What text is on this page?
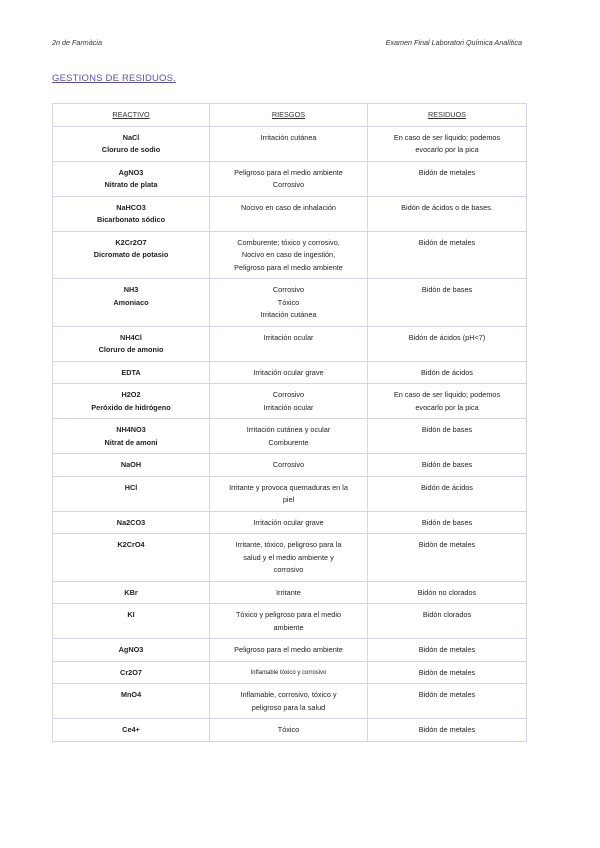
2n de Farmàcia	Examen Final Laboratori Química Analítica
GESTIONS DE RESIDUOS.
REACTIVO	RIESGOS	RESIDUOS

NaCl
Cloruro de sodio	Irritación cutánea	En caso de ser líquido; podemos
evocarlo por la pica

AgNO3
Nitrato de plata	Peligroso para el medio ambiente
Corrosivo	Bidón de metales

NaHCO3
Bicarbonato sódico	Nocivo en caso de inhalación	Bidón de ácidos o de bases.

K2Cr2O7
Dicromato de potasio	Comburente; tóxico y corrosivo,
Nocivo en caso de ingestión,
Peligroso para el medio ambiente	Bidón de metales

NH3
Amoniaco	Corrosivo
Tóxico
Irritación cutánea	Bidón de bases

NH4Cl
Cloruro de amonio	Irritación ocular	Bidón de ácidos (pH<7)

EDTA	Irritación ocular grave	Bidón de ácidos

H2O2
Peróxido de hidrógeno	Corrosivo
Irritación ocular	En caso de ser líquido; podemos
evocarlo por la pica

NH4NO3
Nitrat de amoni	Irritación cutánea y ocular
Comburente	Bidón de bases

NaOH	Corrosivo	Bidón de bases

HCl	Irritante y provoca quemaduras en la
piel	Bidón de ácidos

Na2CO3	Irritación ocular grave	Bidón de bases

K2CrO4	Irritante, tóxico, peligroso para la
salud y el medio ambiente y
corrosivo	Bidón de metales

KBr	Irritante	Bidón no clorados

KI	Tóxico y peligroso para el medio
ambiente	Bidón clorados

AgNO3	Peligroso para el medio ambiente	Bidón de metales

Cr2O7	Inflamable tóxico y corrosivo	Bidón de metales

MnO4	Inflamable, corrosivo, tóxico y
peligroso para la salud	Bidón de metales

Ce4+	Tóxico	Bidón de metales
